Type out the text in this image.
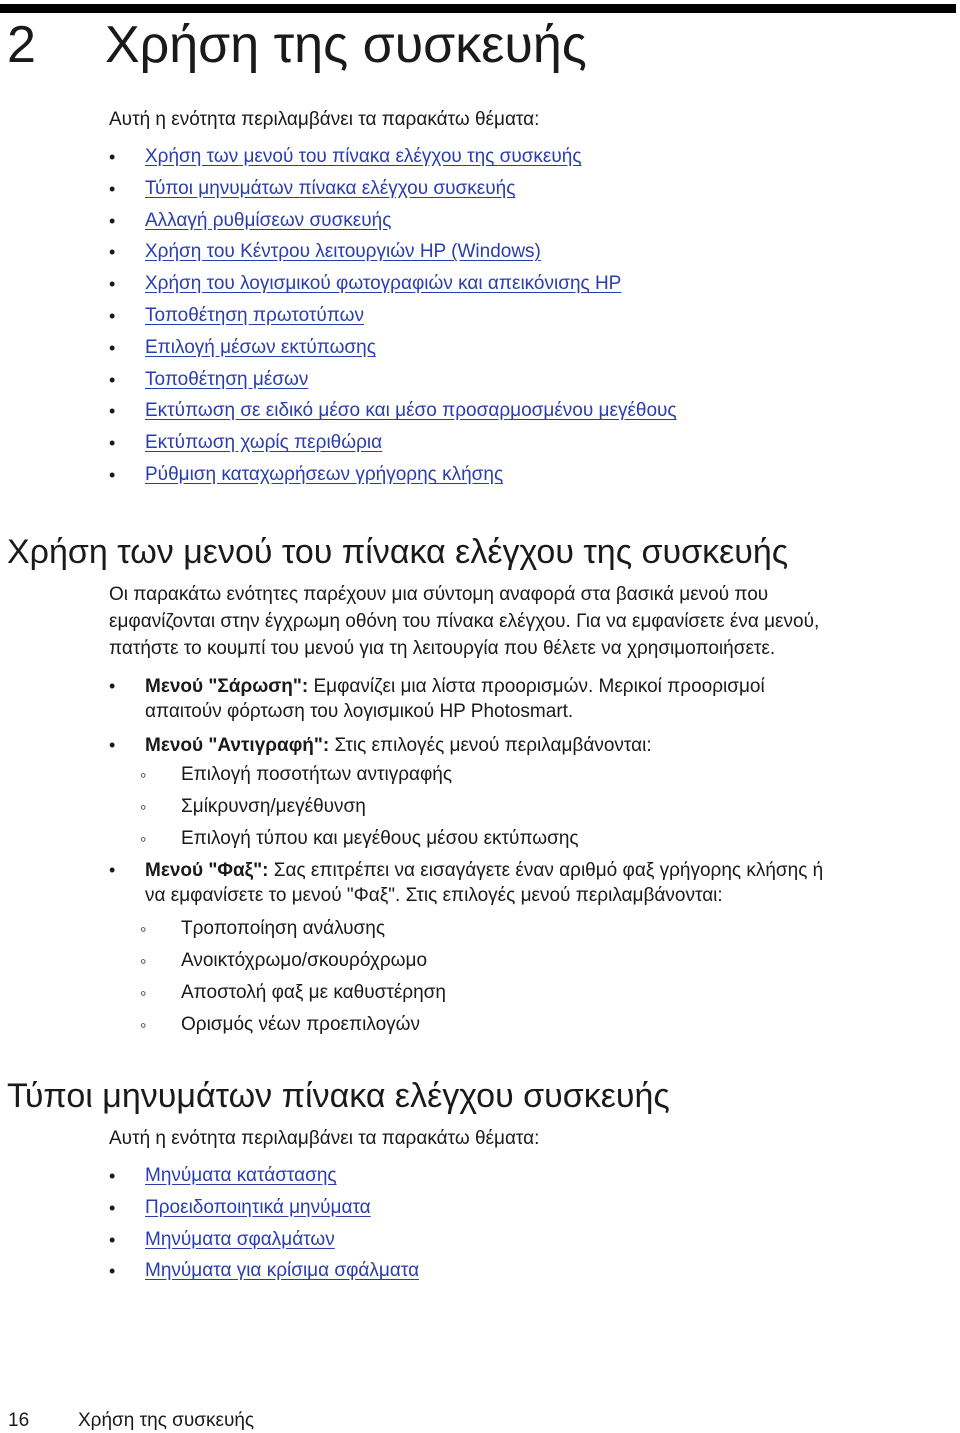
2 Χρήση της συσκευής

Αυτή η ενότητα περιλαμβάνει τα παρακάτω θέματα:

• Χρήση των μενού του πίνακα ελέγχου της συσκευής
• Τύποι μηνυμάτων πίνακα ελέγχου συσκευής
• Αλλαγή ρυθμίσεων συσκευής
• Χρήση του Κέντρου λειτουργιών HP (Windows)
• Χρήση του λογισμικού φωτογραφιών και απεικόνισης HP
• Τοποθέτηση πρωτοτύπων
• Επιλογή μέσων εκτύπωσης
• Τοποθέτηση μέσων
• Εκτύπωση σε ειδικό μέσο και μέσο προσαρμοσμένου μεγέθους
• Εκτύπωση χωρίς περιθώρια
• Ρύθμιση καταχωρήσεων γρήγορης κλήσης
Χρήση των μενού του πίνακα ελέγχου της συσκευής
Οι παρακάτω ενότητες παρέχουν μια σύντομη αναφορά στα βασικά μενού που
εμφανίζονται στην έγχρωμη οθόνη του πίνακα ελέγχου. Για να εμφανίσετε ένα μενού,
πατήστε το κουμπί του μενού για τη λειτουργία που θέλετε να χρησιμοποιήσετε.
• Μενού "Σάρωση": Εμφανίζει μια λίστα προορισμών. Μερικοί προορισμοί
απαιτούν φόρτωση του λογισμικού HP Photosmart.
• Μενού "Αντιγραφή": Στις επιλογές μενού περιλαμβάνονται:
◦ Επιλογή ποσοτήτων αντιγραφής
◦ Σμίκρυνση/μεγέθυνση
◦ Επιλογή τύπου και μεγέθους μέσου εκτύπωσης
• Μενού "Φαξ": Σας επιτρέπει να εισαγάγετε έναν αριθμό φαξ γρήγορης κλήσης ή
να εμφανίσετε το μενού "Φαξ". Στις επιλογές μενού περιλαμβάνονται:
◦ Τροποποίηση ανάλυσης
◦ Ανοικτόχρωμο/σκουρόχρωμο
◦ Αποστολή φαξ με καθυστέρηση
◦ Ορισμός νέων προεπιλογών
Τύποι μηνυμάτων πίνακα ελέγχου συσκευής

Αυτή η ενότητα περιλαμβάνει τα παρακάτω θέματα:

• Μηνύματα κατάστασης
• Προειδοποιητικά μηνύματα
• Μηνύματα σφαλμάτων
• Μηνύματα για κρίσιμα σφάλματα
16	Χρήση της συσκευής
